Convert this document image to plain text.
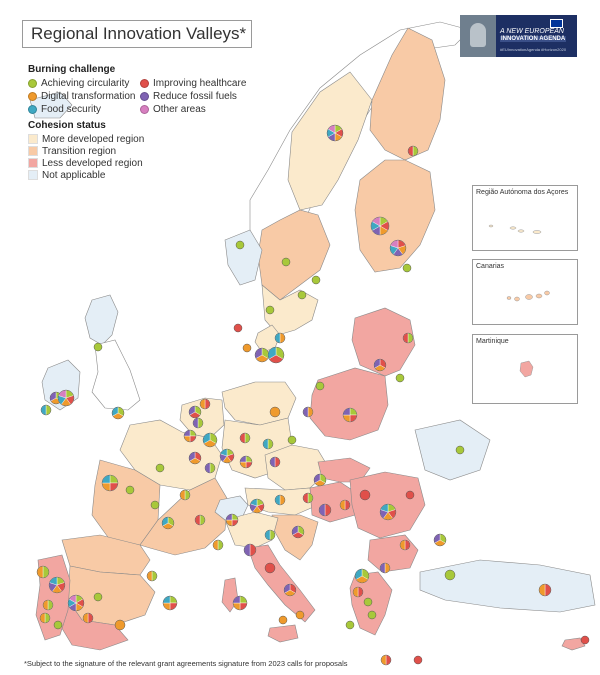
Regional Innovation Valleys*	A NEW EUROPEAN
INNOVATION AGENDA
#EUInnovationAgenda #Horizon2020
Burning challenge
Achieving circularity Improving healthcare
Digital transformation Reduce fossil fuels
Food security	Other areas
Cohesion status
More developed region
Transition region
Less developed region
Not applicable
Região Autónoma dos Açores
Canarias
Martinique
*Subject to the signature of the relevant grant agreements signature from 2023 calls for proposals
